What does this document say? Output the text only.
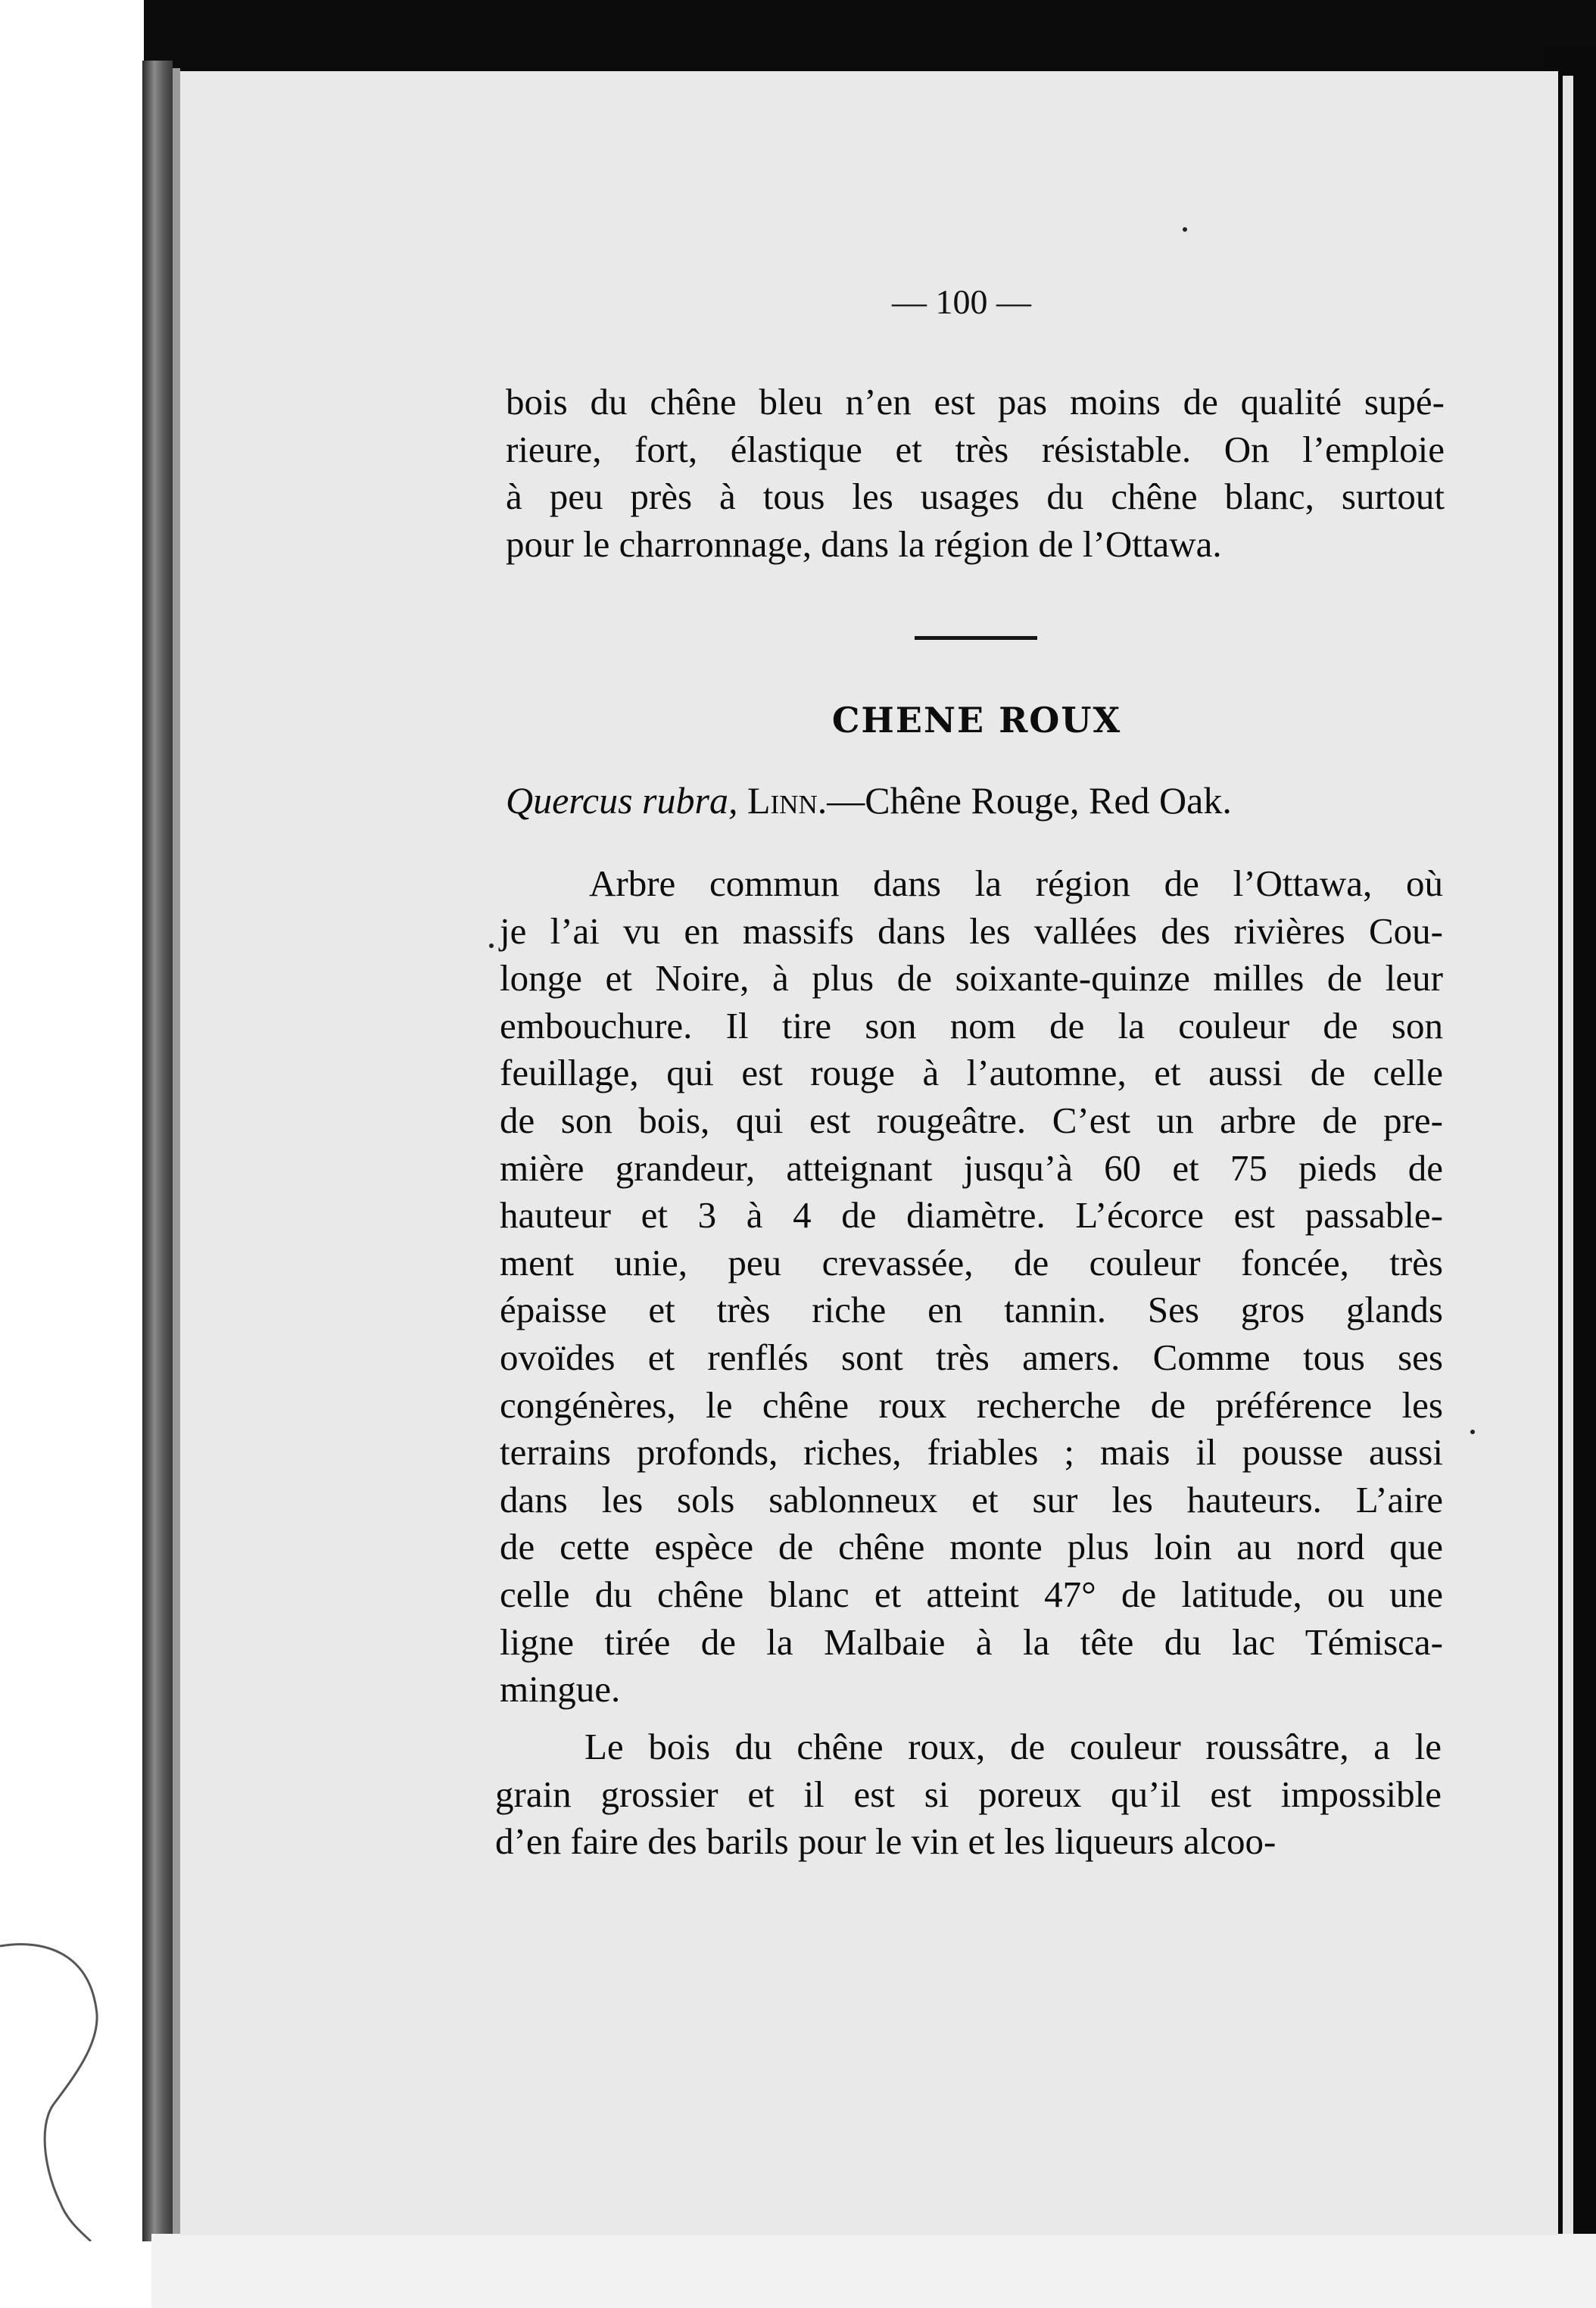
— 100 —
bois du chêne bleu n’en est pas moins de qualité supé-
rieure, fort, élastique et très résistable. On l’emploie
à peu près à tous les usages du chêne blanc, surtout
pour le charronnage, dans la région de l’Ottawa.
CHENE ROUX
Quercus rubra, Linn.—Chêne Rouge, Red Oak.
Arbre commun dans la région de l’Ottawa, où
je l’ai vu en massifs dans les vallées des rivières Cou-
longe et Noire, à plus de soixante-quinze milles de leur
embouchure. Il tire son nom de la couleur de son
feuillage, qui est rouge à l’automne, et aussi de celle
de son bois, qui est rougeâtre. C’est un arbre de pre-
mière grandeur, atteignant jusqu’à 60 et 75 pieds de
hauteur et 3 à 4 de diamètre. L’écorce est passable-
ment unie, peu crevassée, de couleur foncée, très
épaisse et très riche en tannin. Ses gros glands
ovoïdes et renflés sont très amers. Comme tous ses
congénères, le chêne roux recherche de préférence les
terrains profonds, riches, friables ; mais il pousse aussi
dans les sols sablonneux et sur les hauteurs. L’aire
de cette espèce de chêne monte plus loin au nord que
celle du chêne blanc et atteint 47° de latitude, ou une
ligne tirée de la Malbaie à la tête du lac Témisca-
mingue.
Le bois du chêne roux, de couleur roussâtre, a le
grain grossier et il est si poreux qu’il est impossible
d’en faire des barils pour le vin et les liqueurs alcoo-
